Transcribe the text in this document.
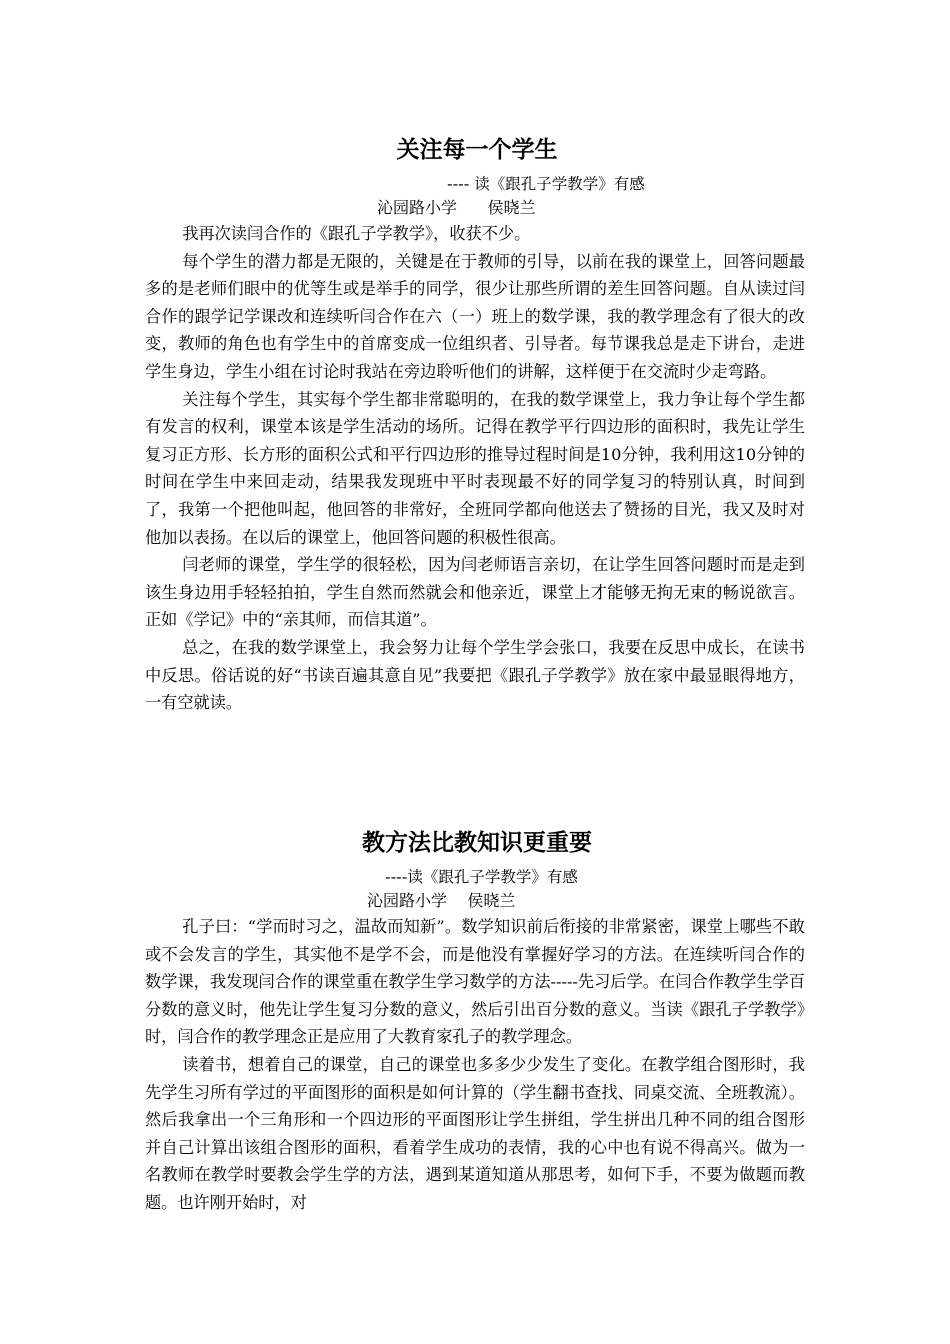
关注每一个学生
---- 读《跟孔子学教学》有感
沁园路小学      侯晓兰

我再次读闫合作的《跟孔子学教学》，收获不少。

每个学生的潜力都是无限的，关键是在于教师的引导，以前在我的课堂上，回答问题最多的是老师们眼中的优等生或是举手的同学，很少让那些所谓的差生回答问题。自从读过闫合作的跟学记学课改和连续听闫合作在六（一）班上的数学课，我的教学理念有了很大的改变，教师的角色也有学生中的首席变成一位组织者、引导者。每节课我总是走下讲台，走进学生身边，学生小组在讨论时我站在旁边聆听他们的讲解，这样便于在交流时少走弯路。

关注每个学生，其实每个学生都非常聪明的，在我的数学课堂上，我力争让每个学生都有发言的权利，课堂本该是学生活动的场所。记得在教学平行四边形的面积时，我先让学生复习正方形、长方形的面积公式和平行四边形的推导过程时间是10分钟，我利用这10分钟的时间在学生中来回走动，结果我发现班中平时表现最不好的同学复习的特别认真，时间到了，我第一个把他叫起，他回答的非常好，全班同学都向他送去了赞扬的目光，我又及时对他加以表扬。在以后的课堂上，他回答问题的积极性很高。

闫老师的课堂，学生学的很轻松，因为闫老师语言亲切，在让学生回答问题时而是走到该生身边用手轻轻拍拍，学生自然而然就会和他亲近，课堂上才能够无拘无束的畅说欲言。正如《学记》中的“亲其师，而信其道”。

总之，在我的数学课堂上，我会努力让每个学生学会张口，我要在反思中成长，在读书中反思。俗话说的好“书读百遍其意自见”我要把《跟孔子学教学》放在家中最显眼得地方，一有空就读。

教方法比教知识更重要
----读《跟孔子学教学》有感
沁园路小学    侯晓兰

孔子曰：“学而时习之，温故而知新”。数学知识前后衔接的非常紧密，课堂上哪些不敢或不会发言的学生，其实他不是学不会，而是他没有掌握好学习的方法。在连续听闫合作的数学课，我发现闫合作的课堂重在教学生学习数学的方法-----先习后学。在闫合作教学生学百分数的意义时，他先让学生复习分数的意义，然后引出百分数的意义。当读《跟孔子学教学》时，闫合作的教学理念正是应用了大教育家孔子的教学理念。

读着书，想着自己的课堂，自己的课堂也多多少少发生了变化。在教学组合图形时，我先学生习所有学过的平面图形的面积是如何计算的（学生翻书查找、同桌交流、全班教流）。然后我拿出一个三角形和一个四边形的平面图形让学生拼组，学生拼出几种不同的组合图形并自己计算出该组合图形的面积，看着学生成功的表情，我的心中也有说不得高兴。做为一名教师在教学时要教会学生学的方法，遇到某道知道从那思考，如何下手，不要为做题而教题。也许刚开始时，对
